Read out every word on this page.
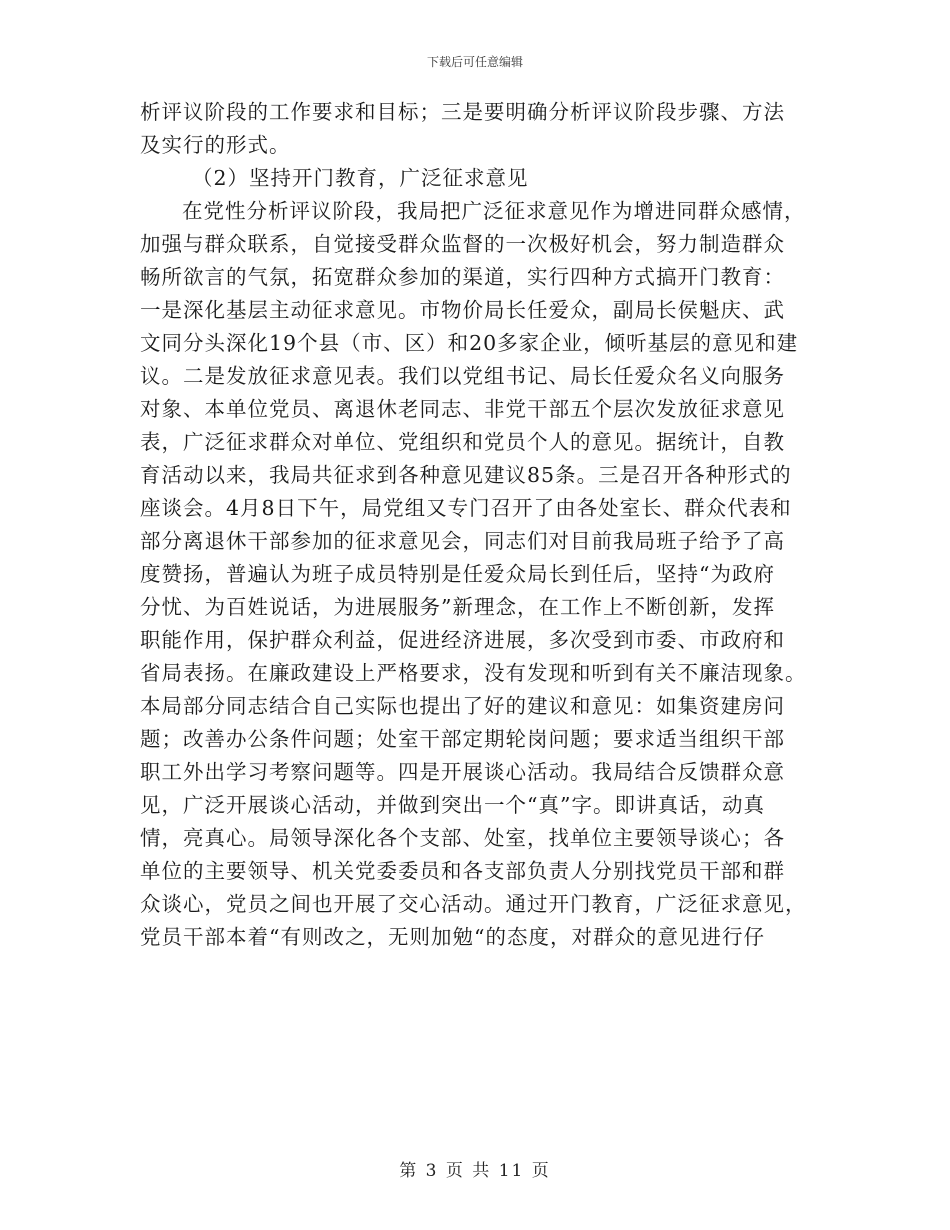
下载后可任意编辑
析评议阶段的工作要求和目标；三是要明确分析评议阶段步骤、方法
及实行的形式。
（2）坚持开门教育，广泛征求意见
在党性分析评议阶段，我局把广泛征求意见作为增进同群众感情，
加强与群众联系，自觉接受群众监督的一次极好机会，努力制造群众
畅所欲言的气氛，拓宽群众参加的渠道，实行四种方式搞开门教育：
一是深化基层主动征求意见。市物价局长任爱众，副局长侯魁庆、武
文同分头深化19个县（市、区）和20多家企业，倾听基层的意见和建
议。二是发放征求意见表。我们以党组书记、局长任爱众名义向服务
对象、本单位党员、离退休老同志、非党干部五个层次发放征求意见
表，广泛征求群众对单位、党组织和党员个人的意见。据统计，自教
育活动以来，我局共征求到各种意见建议85条。三是召开各种形式的
座谈会。4月8日下午，局党组又专门召开了由各处室长、群众代表和
部分离退休干部参加的征求意见会，同志们对目前我局班子给予了高
度赞扬，普遍认为班子成员特别是任爱众局长到任后，坚持“为政府
分忧、为百姓说话，为进展服务”新理念，在工作上不断创新，发挥
职能作用，保护群众利益，促进经济进展，多次受到市委、市政府和
省局表扬。在廉政建设上严格要求，没有发现和听到有关不廉洁现象。
本局部分同志结合自己实际也提出了好的建议和意见：如集资建房问
题；改善办公条件问题；处室干部定期轮岗问题；要求适当组织干部
职工外出学习考察问题等。四是开展谈心活动。我局结合反馈群众意
见，广泛开展谈心活动，并做到突出一个“真”字。即讲真话，动真
情，亮真心。局领导深化各个支部、处室，找单位主要领导谈心；各
单位的主要领导、机关党委委员和各支部负责人分别找党员干部和群
众谈心，党员之间也开展了交心活动。通过开门教育，广泛征求意见，
党员干部本着“有则改之，无则加勉“的态度，对群众的意见进行仔
第 3 页 共 11 页
